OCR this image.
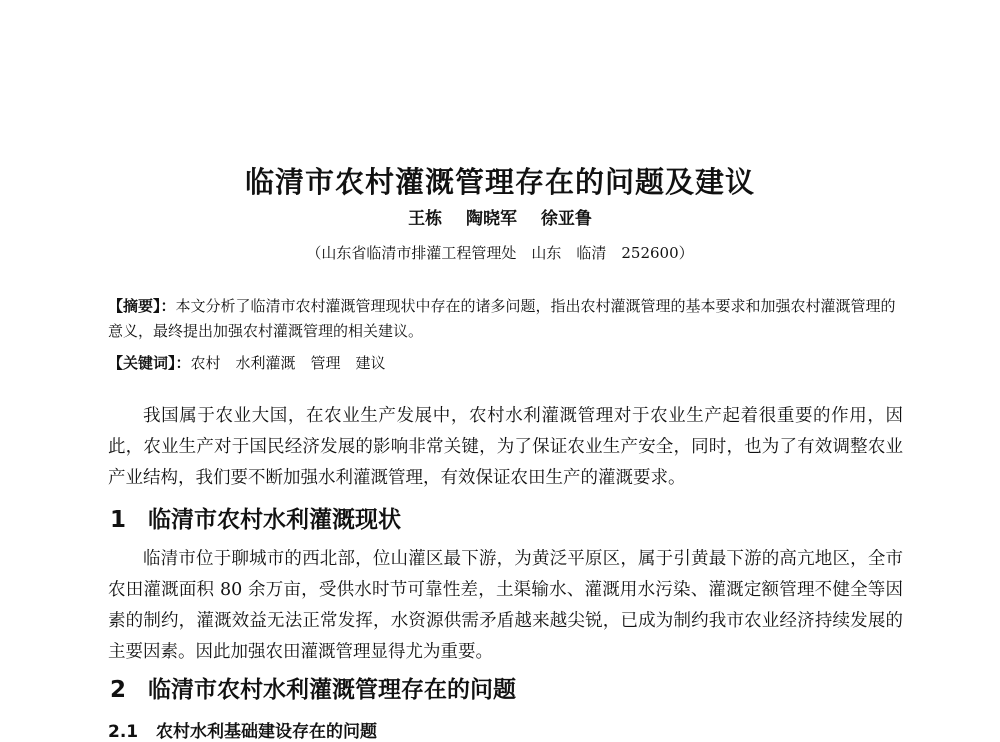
临清市农村灌溉管理存在的问题及建议
王栋 陶晓军 徐亚鲁
（山东省临清市排灌工程管理处　山东　临清　252600）
【摘要】：本文分析了临清市农村灌溉管理现状中存在的诸多问题，指出农村灌溉管理的基本要求和加强农村灌溉管理的意义，最终提出加强农村灌溉管理的相关建议。
【关键词】：农村　水利灌溉　管理　建议

我国属于农业大国，在农业生产发展中，农村水利灌溉管理对于农业生产起着很重要的作用，因此，农业生产对于国民经济发展的影响非常关键，为了保证农业生产安全，同时，也为了有效调整农业产业结构，我们要不断加强水利灌溉管理，有效保证农田生产的灌溉要求。

1 临清市农村水利灌溉现状

临清市位于聊城市的西北部，位山灌区最下游，为黄泛平原区，属于引黄最下游的高亢地区，全市农田灌溉面积 80 余万亩，受供水时节可靠性差，土渠输水、灌溉用水污染、灌溉定额管理不健全等因素的制约，灌溉效益无法正常发挥，水资源供需矛盾越来越尖锐，已成为制约我市农业经济持续发展的主要因素。因此加强农田灌溉管理显得尤为重要。

2 临清市农村水利灌溉管理存在的问题
2.1 农村水利基础建设存在的问题
